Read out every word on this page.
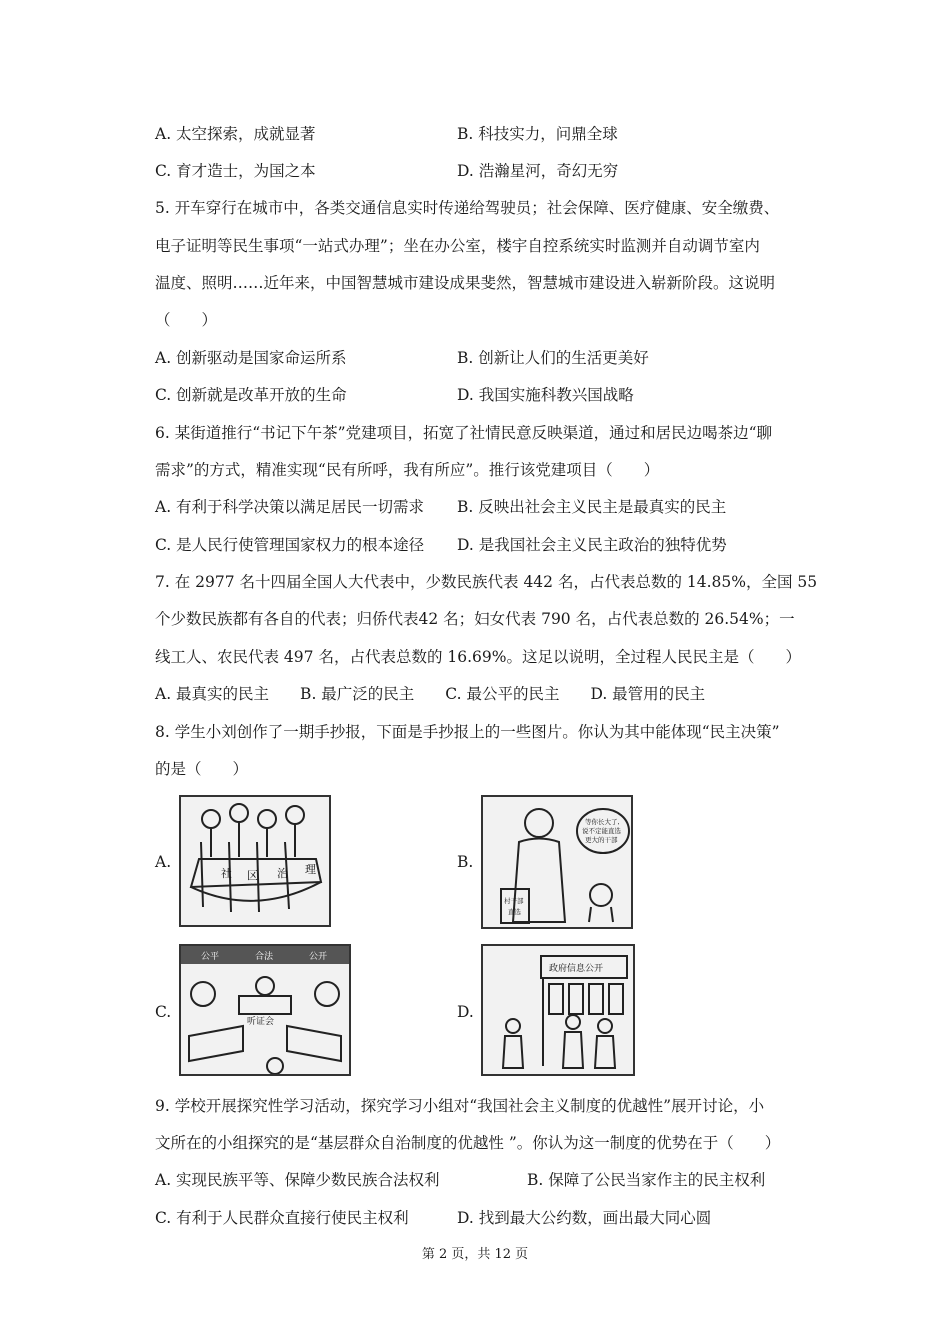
A. 太空探索，成就显著	B. 科技实力，问鼎全球
C. 育才造士，为国之本	D. 浩瀚星河，奇幻无穷
5. 开车穿行在城市中，各类交通信息实时传递给驾驶员；社会保障、医疗健康、安全缴费、
电子证明等民生事项“一站式办理”；坐在办公室，楼宇自控系统实时监测并自动调节室内
温度、照明……近年来，中国智慧城市建设成果斐然，智慧城市建设进入崭新阶段。这说明
（　　）
A. 创新驱动是国家命运所系	B. 创新让人们的生活更美好
C. 创新就是改革开放的生命	D. 我国实施科教兴国战略
6. 某街道推行“书记下午茶”党建项目，拓宽了社情民意反映渠道，通过和居民边喝茶边“聊
需求”的方式，精准实现“民有所呼，我有所应”。推行该党建项目（　　）
A. 有利于科学决策以满足居民一切需求 B. 反映出社会主义民主是最真实的民主
C. 是人民行使管理国家权力的根本途径 D. 是我国社会主义民主政治的独特优势
7. 在 2977 名十四届全国人大代表中，少数民族代表 442 名，占代表总数的 14.85%，全国 55
个少数民族都有各自的代表；归侨代表42 名；妇女代表 790 名，占代表总数的 26.54%；一
线工人、农民代表 497 名，占代表总数的 16.69%。这足以说明，全过程人民民主是（　　）
A. 最真实的民主　　B. 最广泛的民主　　C. 最公平的民主　　D. 最管用的民主
8. 学生小刘创作了一期手抄报，下面是手抄报上的一些图片。你认为其中能体现“民主决策”
的是（　　）
A.
社 区 治 理	B.
等你长大了,
说不定能直选
更大的干部
村干部
直选
C.
公平	合法	公开
听证会
D.
政府信息公开
9. 学校开展探究性学习活动，探究学习小组对“我国社会主义制度的优越性”展开讨论，小
文所在的小组探究的是“基层群众自治制度的优越性 ”。你认为这一制度的优势在于（　　）
A. 实现民族平等、保障少数民族合法权利	B. 保障了公民当家作主的民主权利
C. 有利于人民群众直接行使民主权利	D. 找到最大公约数，画出最大同心圆
第 2 页，共 12 页
